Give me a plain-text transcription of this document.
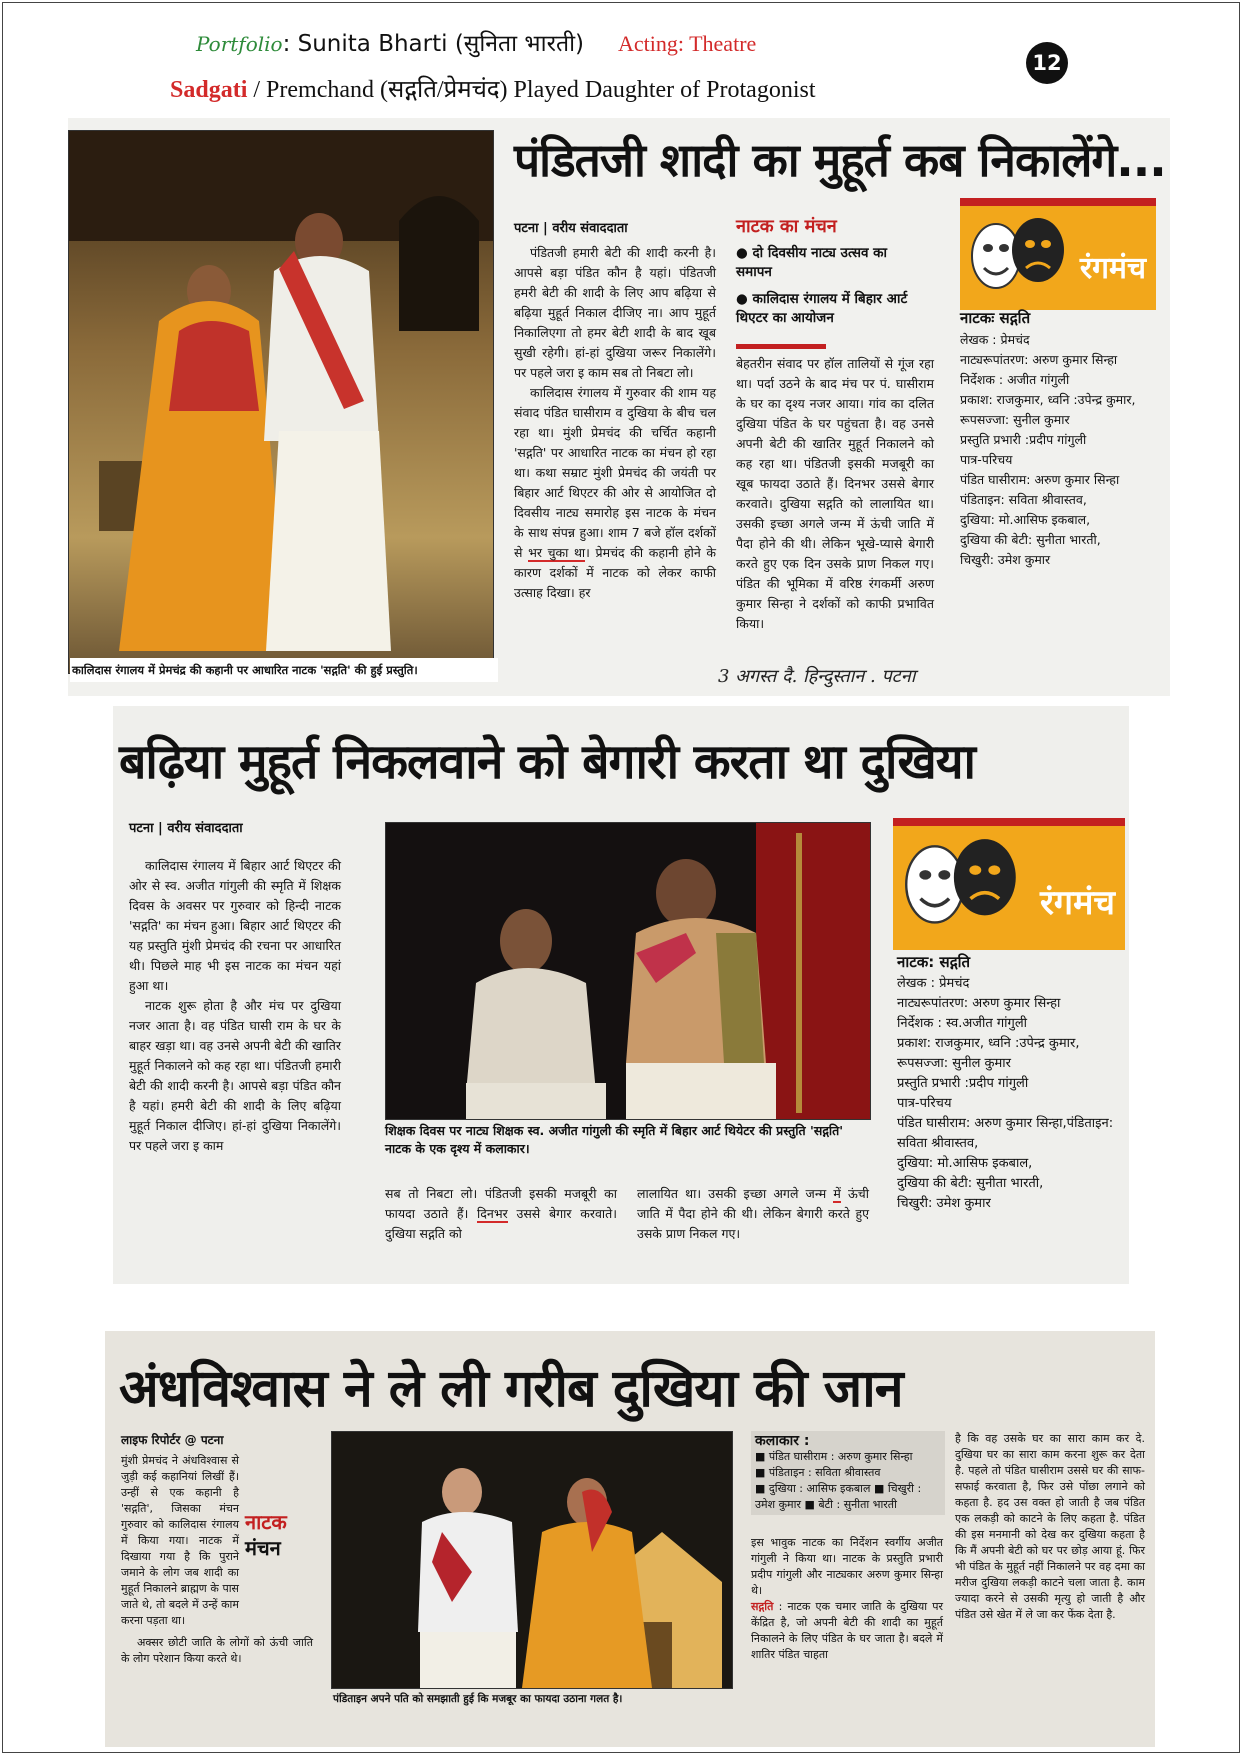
Portfolio: Sunita Bharti (सुनिता भारती) Acting: Theatre
Sadgati / Premchand (सद्गति/प्रेमचंद) Played Daughter of Protagonist
12
कालिदास रंगालय में प्रेमचंद्र की कहानी पर आधारित नाटक 'सद्गति' की हुई प्रस्तुति।
पंडितजी शादी का मुहूर्त कब निकालेंगे...
पटना | वरीय संवाददाता

पंडितजी हमारी बेटी की शादी करनी है। आपसे बड़ा पंडित कौन है यहां। पंडितजी हमरी बेटी की शादी के लिए आप बढ़िया से बढ़िया मुहूर्त निकाल दीजिए ना। आप मुहूर्त निकालिएगा तो हमर बेटी शादी के बाद खूब सुखी रहेगी। हां-हां दुखिया जरूर निकालेंगे। पर पहले जरा इ काम सब तो निबटा लो।

कालिदास रंगालय में गुरुवार की शाम यह संवाद पंडित घासीराम व दुखिया के बीच चल रहा था। मुंशी प्रेमचंद की चर्चित कहानी 'सद्गति' पर आधारित नाटक का मंचन हो रहा था। कथा सम्राट मुंशी प्रेमचंद की जयंती पर बिहार आर्ट थिएटर की ओर से आयोजित दो दिवसीय नाट्य समारोह इस नाटक के मंचन के साथ संपन्न हुआ। शाम 7 बजे हॉल दर्शकों से भर चुका था। प्रेमचंद की कहानी होने के कारण दर्शकों में नाटक को लेकर काफी उत्साह दिखा। हर

नाटक का मंचन
● दो दिवसीय नाट्य उत्सव का समापन
● कालिदास रंगालय में बिहार आर्ट थिएटर का आयोजन
बेहतरीन संवाद पर हॉल तालियों से गूंज रहा था। पर्दा उठने के बाद मंच पर पं. घासीराम के घर का दृश्य नजर आया। गांव का दलित दुखिया पंडित के घर पहुंचता है। वह उनसे अपनी बेटी की खातिर मुहूर्त निकालने को कह रहा था। पंडितजी इसकी मजबूरी का खूब फायदा उठाते हैं। दिनभर उससे बेगार करवाते। दुखिया सद्गति को लालायित था। उसकी इच्छा अगले जन्म में ऊंची जाति में पैदा होने की थी। लेकिन भूखे-प्यासे बेगारी करते हुए एक दिन उसके प्राण निकल गए। पंडित की भूमिका में वरिष्ठ रंगकर्मी अरुण कुमार सिन्हा ने दर्शकों को काफी प्रभावित किया।
रंगमंच
नाटकः सद्गति
लेखक : प्रेमचंद
नाट्यरूपांतरण: अरुण कुमार सिन्हा
निर्देशक : अजीत गांगुली
प्रकाश: राजकुमार, ध्वनि :उपेन्द्र कुमार, रूपसज्जा: सुनील कुमार
प्रस्तुति प्रभारी :प्रदीप गांगुली
पात्र-परिचय
पंडित घासीराम: अरुण कुमार सिन्हा
पंडिताइन: सविता श्रीवास्तव,
दुखिया: मो.आसिफ इकबाल,
दुखिया की बेटी: सुनीता भारती,
चिखुरी: उमेश कुमार
3 अगस्त दै. हिन्दुस्तान . पटना
बढ़िया मुहूर्त निकलवाने को बेगारी करता था दुखिया
पटना | वरीय संवाददाता

कालिदास रंगालय में बिहार आर्ट थिएटर की ओर से स्व. अजीत गांगुली की स्मृति में शिक्षक दिवस के अवसर पर गुरुवार को हिन्दी नाटक 'सद्गति' का मंचन हुआ। बिहार आर्ट थिएटर की यह प्रस्तुति मुंशी प्रेमचंद की रचना पर आधारित थी। पिछले माह भी इस नाटक का मंचन यहां हुआ था।

नाटक शुरू होता है और मंच पर दुखिया नजर आता है। वह पंडित घासी राम के घर के बाहर खड़ा था। वह उनसे अपनी बेटी की खातिर मुहूर्त निकालने को कह रहा था। पंडितजी हमारी बेटी की शादी करनी है। आपसे बड़ा पंडित कौन है यहां। हमरी बेटी की शादी के लिए बढ़िया मुहूर्त निकाल दीजिए। हां-हां दुखिया निकालेंगे। पर पहले जरा इ काम

शिक्षक दिवस पर नाट्य शिक्षक स्व. अजीत गांगुली की स्मृति में बिहार आर्ट थियेटर की प्रस्तुति 'सद्गति' नाटक के एक दृश्य में कलाकार।
सब तो निबटा लो। पंडितजी इसकी मजबूरी का फायदा उठाते हैं। दिनभर उससे बेगार करवाते। दुखिया सद्गति को
लालायित था। उसकी इच्छा अगले जन्म में ऊंची जाति में पैदा होने की थी। लेकिन बेगारी करते हुए उसके प्राण निकल गए।
रंगमंच
नाटक: सद्गति
लेखक : प्रेमचंद
नाट्यरूपांतरण: अरुण कुमार सिन्हा
निर्देशक : स्व.अजीत गांगुली
प्रकाश: राजकुमार, ध्वनि :उपेन्द्र कुमार, रूपसज्जा: सुनील कुमार
प्रस्तुति प्रभारी :प्रदीप गांगुली
पात्र-परिचय
पंडित घासीराम: अरुण कुमार सिन्हा,पंडिताइन: सविता श्रीवास्तव,
दुखिया: मो.आसिफ इकबाल,
दुखिया की बेटी: सुनीता भारती,
चिखुरी: उमेश कुमार
अंधविश्वास ने ले ली गरीब दुखिया की जान
लाइफ रिपोर्टर @ पटना
मुंशी प्रेमचंद ने अंधविश्वास से जुड़ी कई कहानियां लिखीं हैं। उन्हीं से एक कहानी है 'सद्गति', जिसका मंचन गुरुवार को कालिदास रंगालय में किया गया। नाटक में दिखाया गया है कि पुराने जमाने के लोग जब शादी का मुहूर्त निकालने ब्राह्मण के पास जाते थे, तो बदले में उन्हें काम करना पड़ता था।
अक्सर छोटी जाति के लोगों को ऊंची जाति के लोग परेशान किया करते थे।
नाटक
मंचन
पंडिताइन अपने पति को समझाती हुई कि मजबूर का फायदा उठाना गलत है।
कलाकार :
■ पंडित घासीराम : अरुण कुमार सिन्हा
■ पंडिताइन : सविता श्रीवास्तव
■ दुखिया : आसिफ इकबाल ■ चिखुरी : उमेश कुमार ■ बेटी : सुनीता भारती
इस भावुक नाटक का निर्देशन स्वर्गीय अजीत गांगुली ने किया था। नाटक के प्रस्तुति प्रभारी प्रदीप गांगुली और नाट्यकार अरुण कुमार सिन्हा थे।
सद्गति : नाटक एक चमार जाति के दुखिया पर केंद्रित है, जो अपनी बेटी की शादी का मुहूर्त निकालने के लिए पंडित के घर जाता है। बदले में शातिर पंडित चाहता
है कि वह उसके घर का सारा काम कर दे. दुखिया घर का सारा काम करना शुरू कर देता है. पहले तो पंडित घासीराम उससे घर की साफ-सफाई करवाता है, फिर उसे पोंछा लगाने को कहता है. हद उस वक्त हो जाती है जब पंडित एक लकड़ी को काटने के लिए कहता है. पंडित की इस मनमानी को देख कर दुखिया कहता है कि मैं अपनी बेटी को घर पर छोड़ आया हूं. फिर भी पंडित के मुहूर्त नहीं निकालने पर वह दमा का मरीज दुखिया लकड़ी काटने चला जाता है. काम ज्यादा करने से उसकी मृत्यु हो जाती है और पंडित उसे खेत में ले जा कर फेंक देता है.
